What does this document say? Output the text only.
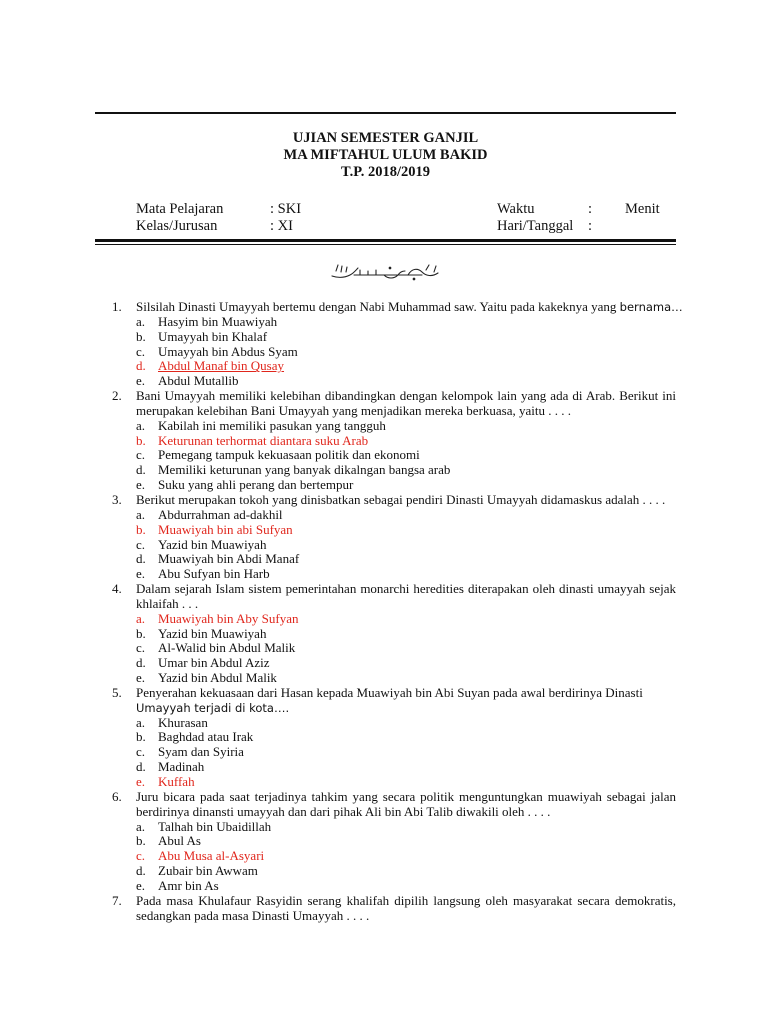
UJIAN SEMESTER GANJIL
MA MIFTAHUL ULUM BAKID
T.P. 2018/2019
Mata Pelajaran	: SKI	Waktu	: Menit
Kelas/Jurusan	: XI	Hari/Tanggal :
1.	Silsilah Dinasti Umayyah bertemu dengan Nabi Muhammad saw. Yaitu pada kakeknya yang bernama…
a. Hasyim bin Muawiyah
b. Umayyah bin Khalaf
c. Umayyah bin Abdus Syam
d. Abdul Manaf bin Qusay
e. Abdul Mutallib
2.	Bani Umayyah memiliki kelebihan dibandingkan dengan kelompok lain yang ada di Arab. Berikut ini merupakan kelebihan Bani Umayyah yang menjadikan mereka berkuasa, yaitu . . . .
a. Kabilah ini memiliki pasukan yang tangguh
b. Keturunan terhormat diantara suku Arab
c. Pemegang tampuk kekuasaan politik dan ekonomi
d. Memiliki keturunan yang banyak dikalngan bangsa arab
e. Suku yang ahli perang dan bertempur
3.	Berikut merupakan tokoh yang dinisbatkan sebagai pendiri Dinasti Umayyah didamaskus adalah . . . .
a. Abdurrahman ad-dakhil
b. Muawiyah bin abi Sufyan
c. Yazid bin Muawiyah
d. Muawiyah bin Abdi Manaf
e. Abu Sufyan bin Harb
4.	Dalam sejarah Islam sistem pemerintahan monarchi heredities diterapakan oleh dinasti umayyah sejak khlaifah . . .
a. Muawiyah bin Aby Sufyan
b. Yazid bin Muawiyah
c. Al-Walid bin Abdul Malik
d. Umar bin Abdul Aziz
e. Yazid bin Abdul Malik
5.	Penyerahan kekuasaan dari Hasan kepada Muawiyah bin Abi Suyan pada awal berdirinya Dinasti
Umayyah terjadi di kota….
a. Khurasan
b. Baghdad atau Irak
c. Syam dan Syiria
d. Madinah
e. Kuffah
6.	Juru bicara pada saat terjadinya tahkim yang secara politik menguntungkan muawiyah sebagai jalan berdirinya dinansti umayyah dan dari pihak Ali bin Abi Talib diwakili oleh . . . .
a. Talhah bin Ubaidillah
b. Abul As
c. Abu Musa al-Asyari
d. Zubair bin Awwam
e. Amr bin As
7.	Pada masa Khulafaur Rasyidin serang khalifah dipilih langsung oleh masyarakat secara demokratis, sedangkan pada masa Dinasti Umayyah . . . .
